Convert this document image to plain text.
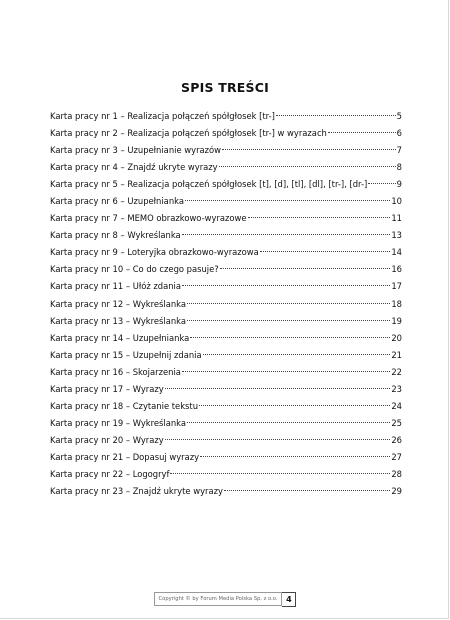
SPIS TREŚCI
Karta pracy nr 1 – Realizacja połączeń spółgłosek [tr-]	5
Karta pracy nr 2 – Realizacja połączeń spółgłosek [tr-] w wyrazach	6
Karta pracy nr 3 – Uzupełnianie wyrazów	7
Karta pracy nr 4 – Znajdź ukryte wyrazy	8
Karta pracy nr 5 – Realizacja połączeń spółgłosek [t], [d], [tl], [dl], [tr-], [dr-]	9
Karta pracy nr 6 – Uzupełnianka	10
Karta pracy nr 7 – MEMO obrazkowo-wyrazowe	11
Karta pracy nr 8 – Wykreślanka	13
Karta pracy nr 9 – Loteryjka obrazkowo-wyrazowa	14
Karta pracy nr 10 – Co do czego pasuje?	16
Karta pracy nr 11 – Ułóż zdania	17
Karta pracy nr 12 – Wykreślanka	18
Karta pracy nr 13 – Wykreślanka	19
Karta pracy nr 14 – Uzupełnianka	20
Karta pracy nr 15 – Uzupełnij zdania	21
Karta pracy nr 16 – Skojarzenia	22
Karta pracy nr 17 – Wyrazy	23
Karta pracy nr 18 – Czytanie tekstu	24
Karta pracy nr 19 – Wykreślanka	25
Karta pracy nr 20 – Wyrazy	26
Karta pracy nr 21 – Dopasuj wyrazy	27
Karta pracy nr 22 – Logogryf	28
Karta pracy nr 23 – Znajdź ukryte wyrazy	29
Copyright © by Forum Media Polska Sp. z o.o.	4
